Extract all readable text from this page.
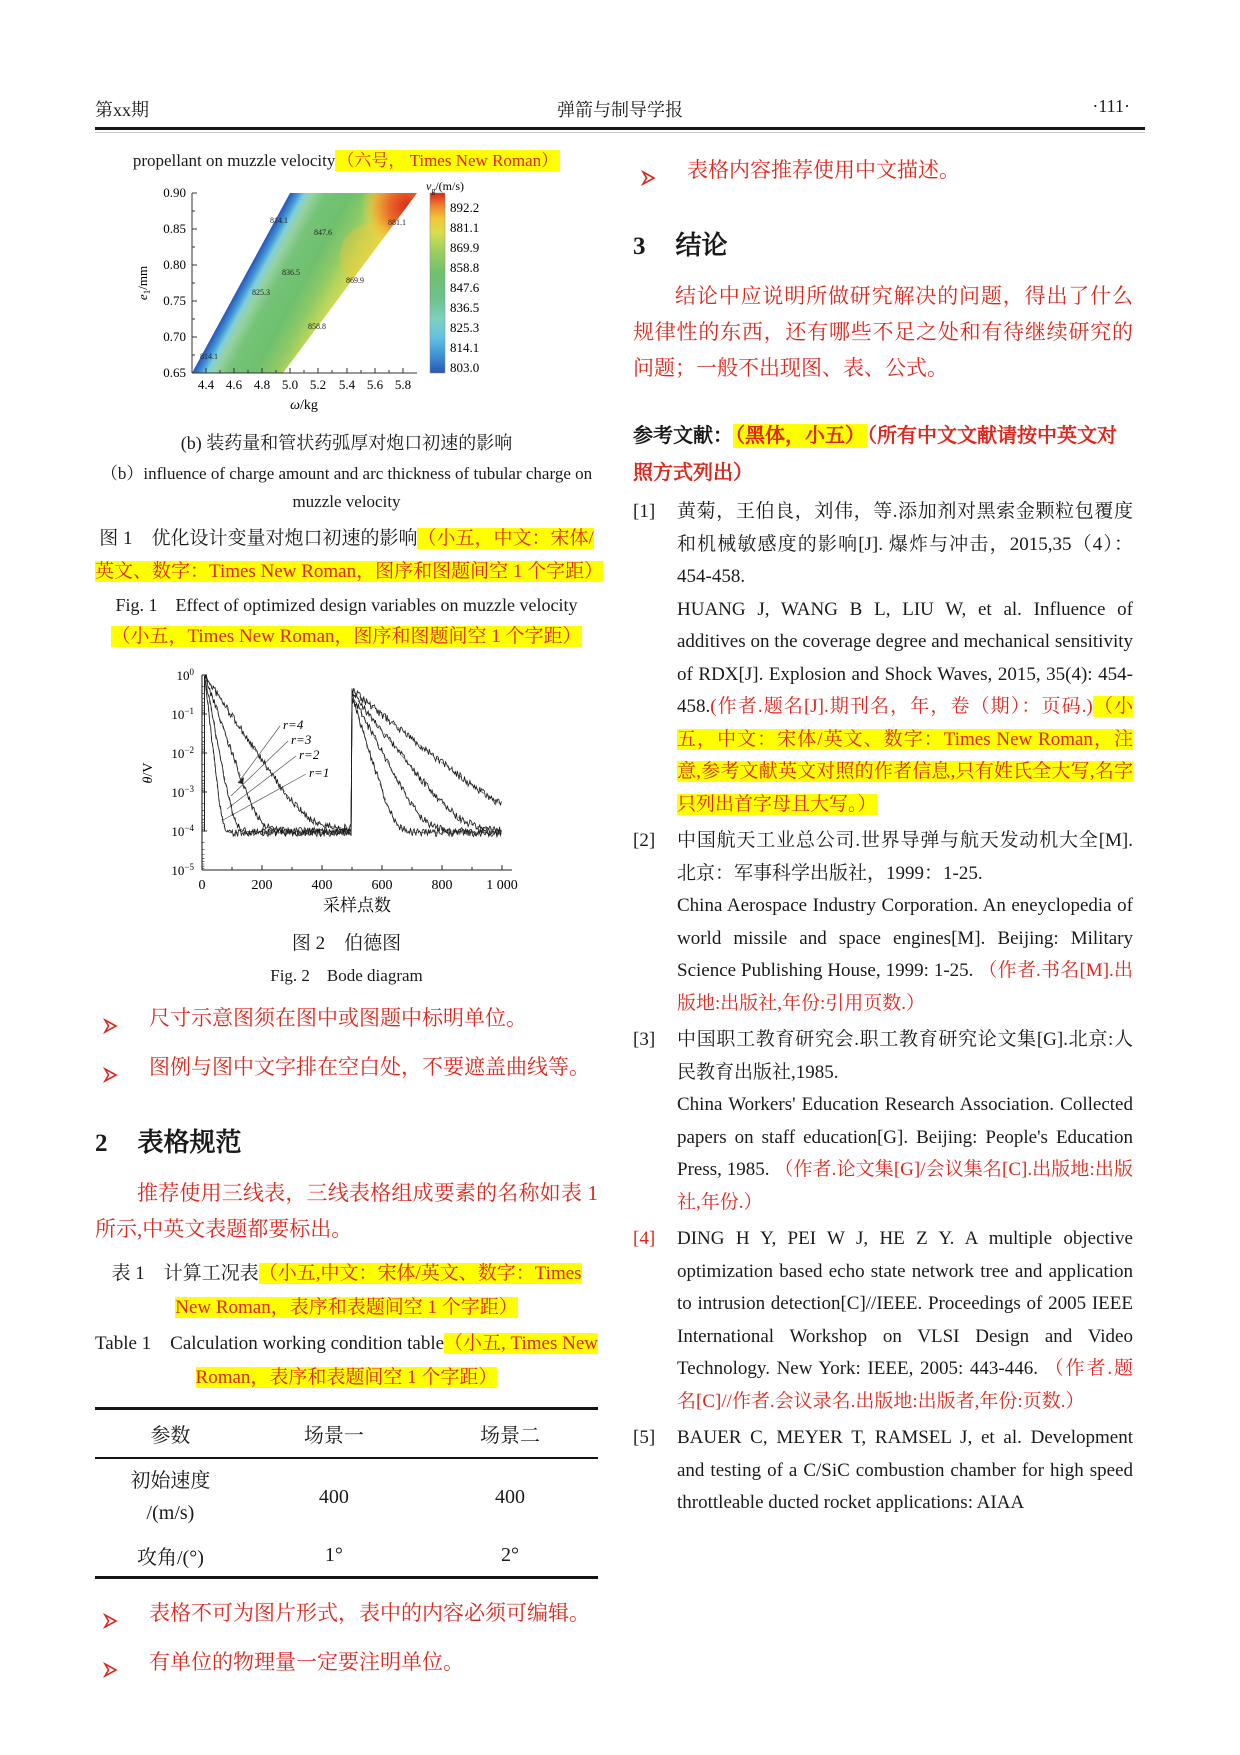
第xx期	弹箭与制导学报	·111·
propellant on muzzle velocity （六号， Times New Roman）
0.90
0.85
0.80
0.75
0.70
0.65
4.4 4.6 4.8 5.0 5.2 5.4 5.6 5.8
$e_1/mm$
ω/kg
814.1
847.6
881.1
836.5
869.9
825.3
858.8
814.1
$v_g/(m/s)$
892.2
881.1
869.9
858.8
847.6
836.5
825.3
814.1
803.0
(b) 装药量和管状药弧厚对炮口初速的影响
（b）influence of charge amount and arc thickness of tubular charge on muzzle velocity
图 1　优化设计变量对炮口初速的影响（小五，中文：宋体/英文、数字：Times New Roman，图序和图题间空 1 个字距）
Fig. 1　Effect of optimized design variables on muzzle velocity
（小五，Times New Roman，图序和图题间空 1 个字距）
$10^0$
$10^{-1}$
$10^{-2}$
$10^{-3}$
$10^{-4}$
$10^{-5}$
0	200	400	600	800 1 000
采样点数
θ/V
r=4
r=3
r=2
r=1
图 2　伯德图
Fig. 2　Bode diagram
尺寸示意图须在图中或图题中标明单位。
图例与图中文字排在空白处，不要遮盖曲线等。
2 表格规范
推荐使用三线表，三线表格组成要素的名称如表 1 所示,中英文表题都要标出。
表 1　计算工况表（小五,中文：宋体/英文、数字：Times New Roman，表序和表题间空 1 个字距）
Table 1　Calculation working condition table（小五, Times New Roman，表序和表题间空 1 个字距）
参数	场景一	场景二

初始速度
/(m/s)	400	400
攻角/(°)	1°	2°
表格不可为图片形式，表中的内容必须可编辑。
有单位的物理量一定要注明单位。
表格内容推荐使用中文描述。
3 结论
结论中应说明所做研究解决的问题，得出了什么规律性的东西，还有哪些不足之处和有待继续研究的问题；一般不出现图、表、公式。

参考文献： （黑体，小五） （所有中文文献请按中英文对照方式列出）

[1]	黄菊，王伯良，刘伟，等.添加剂对黑索金颗粒包覆度和机械敏感度的影响[J]. 爆炸与冲击，2015,35（4）：454-458.

HUANG J, WANG B L, LIU W, et al. Influence of additives on the coverage degree and mechanical sensitivity of RDX[J]. Explosion and Shock Waves, 2015, 35(4): 454-458.(作者.题名[J].期刊名，年，卷（期）：页码.)（小五，中文：宋体/英文、数字：Times New Roman，注意,参考文献英文对照的作者信息,只有姓氏全大写,名字只列出首字母且大写。）

[2]	中国航天工业总公司.世界导弹与航天发动机大全[M]. 北京：军事科学出版社，1999：1-25.

China Aerospace Industry Corporation. An eneyclopedia of world missile and space engines[M]. Beijing: Military Science Publishing House, 1999: 1-25. （作者.书名[M].出版地:出版社,年份:引用页数.）

[3]	中国职工教育研究会.职工教育研究论文集[G].北京:人民教育出版社,1985.

China Workers' Education Research Association. Collected papers on staff education[G]. Beijing: People's Education Press, 1985. （作者.论文集[G]/会议集名[C].出版地:出版社,年份.）

[4]	DING H Y, PEI W J, HE Z Y. A multiple objective optimization based echo state network tree and application to intrusion detection[C]//IEEE. Proceedings of 2005 IEEE International Workshop on VLSI Design and Video Technology. New York: IEEE, 2005: 443-446. （作者.题名[C]//作者.会议录名.出版地:出版者,年份:页数.）

[5]	BAUER C, MEYER T, RAMSEL J, et al. Development and testing of a C/SiC combustion chamber for high speed throttleable ducted rocket applications: AIAA
